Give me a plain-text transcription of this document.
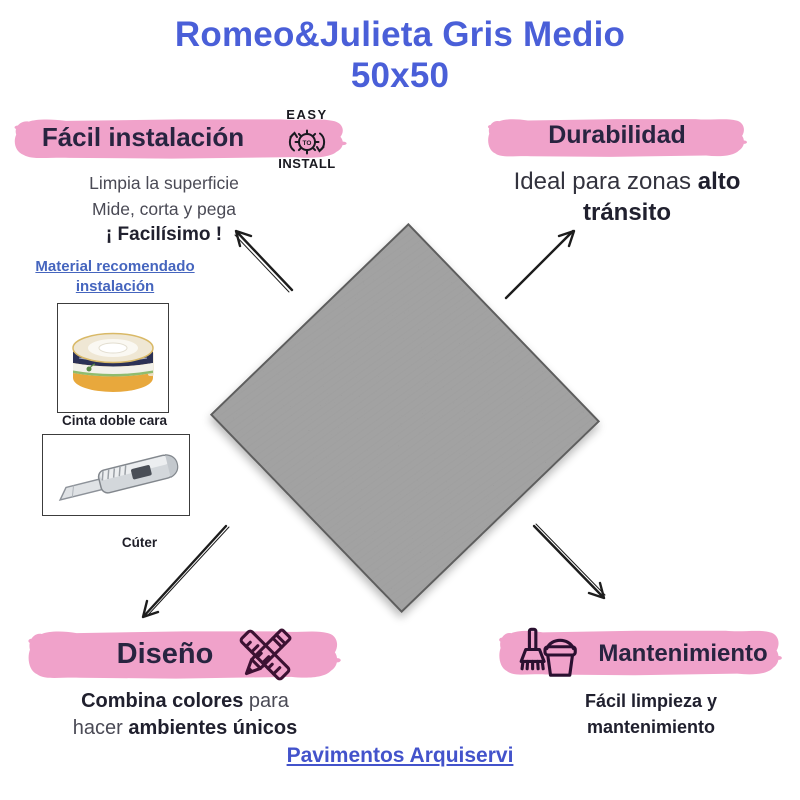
Romeo&Julieta Gris Medio
50x50
Fácil instalación
EASY
TO
INSTALL
Limpia la superficie
Mide, corta y pega
¡ Facilísimo !
Material recomendado
instalación
Cinta doble cara
Cúter
Durabilidad
Ideal para zonas alto
tránsito
Diseño
Combina colores para
hacer ambientes únicos
Mantenimiento
Fácil limpieza y
mantenimiento
Pavimentos Arquiservi
